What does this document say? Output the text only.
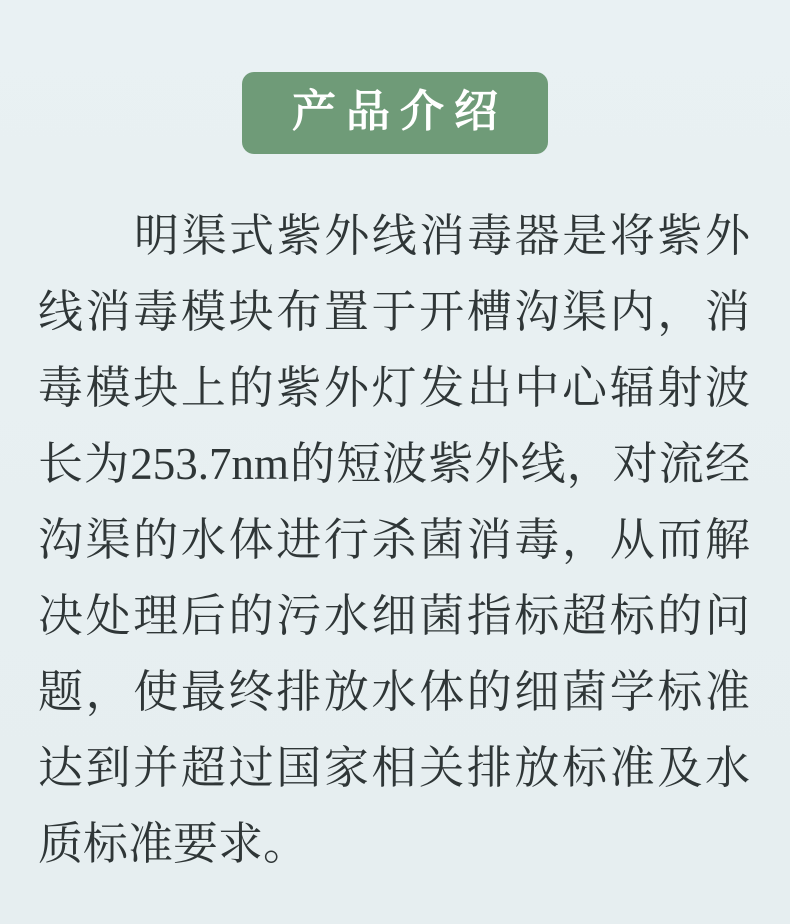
产品介绍

明渠式紫外线消毒器是将紫外线消毒模块布置于开槽沟渠内，消毒模块上的紫外灯发出中心辐射波长为253.7nm的短波紫外线，对流经沟渠的水体进行杀菌消毒，从而解决处理后的污水细菌指标超标的问题，使最终排放水体的细菌学标准达到并超过国家相关排放标准及水质标准要求。
